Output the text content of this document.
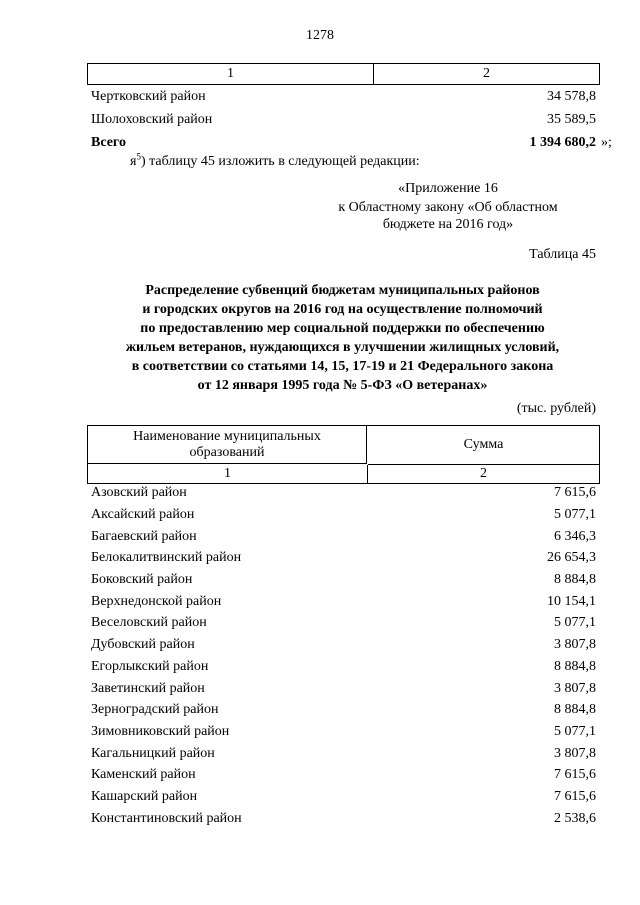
1278
1	2
Чертковский район	34 578,8
Шолоховский район	35 589,5
Всего	1 394 680,2 »;
$я^5$) таблицу 45 изложить в следующей редакции:
«Приложение 16
к Областному закону «Об областном
бюджете на 2016 год»
Таблица 45
Распределение субвенций бюджетам муниципальных районов
и городских округов на 2016 год на осуществление полномочий
по предоставлению мер социальной поддержки по обеспечению
жильем ветеранов, нуждающихся в улучшении жилищных условий,
в соответствии со статьями 14, 15, 17-19 и 21 Федерального закона
от 12 января 1995 года № 5-ФЗ «О ветеранах»
(тыс. рублей)
Наименование муниципальных
образований
Сумма
1	2
Азовский район	7 615,6
Аксайский район	5 077,1
Багаевский район	6 346,3
Белокалитвинский район	26 654,3
Боковский район	8 884,8
Верхнедонской район	10 154,1
Веселовский район	5 077,1
Дубовский район	3 807,8
Егорлыкский район	8 884,8
Заветинский район	3 807,8
Зерноградский район	8 884,8
Зимовниковский район	5 077,1
Кагальницкий район	3 807,8
Каменский район	7 615,6
Кашарский район	7 615,6
Константиновский район	2 538,6
